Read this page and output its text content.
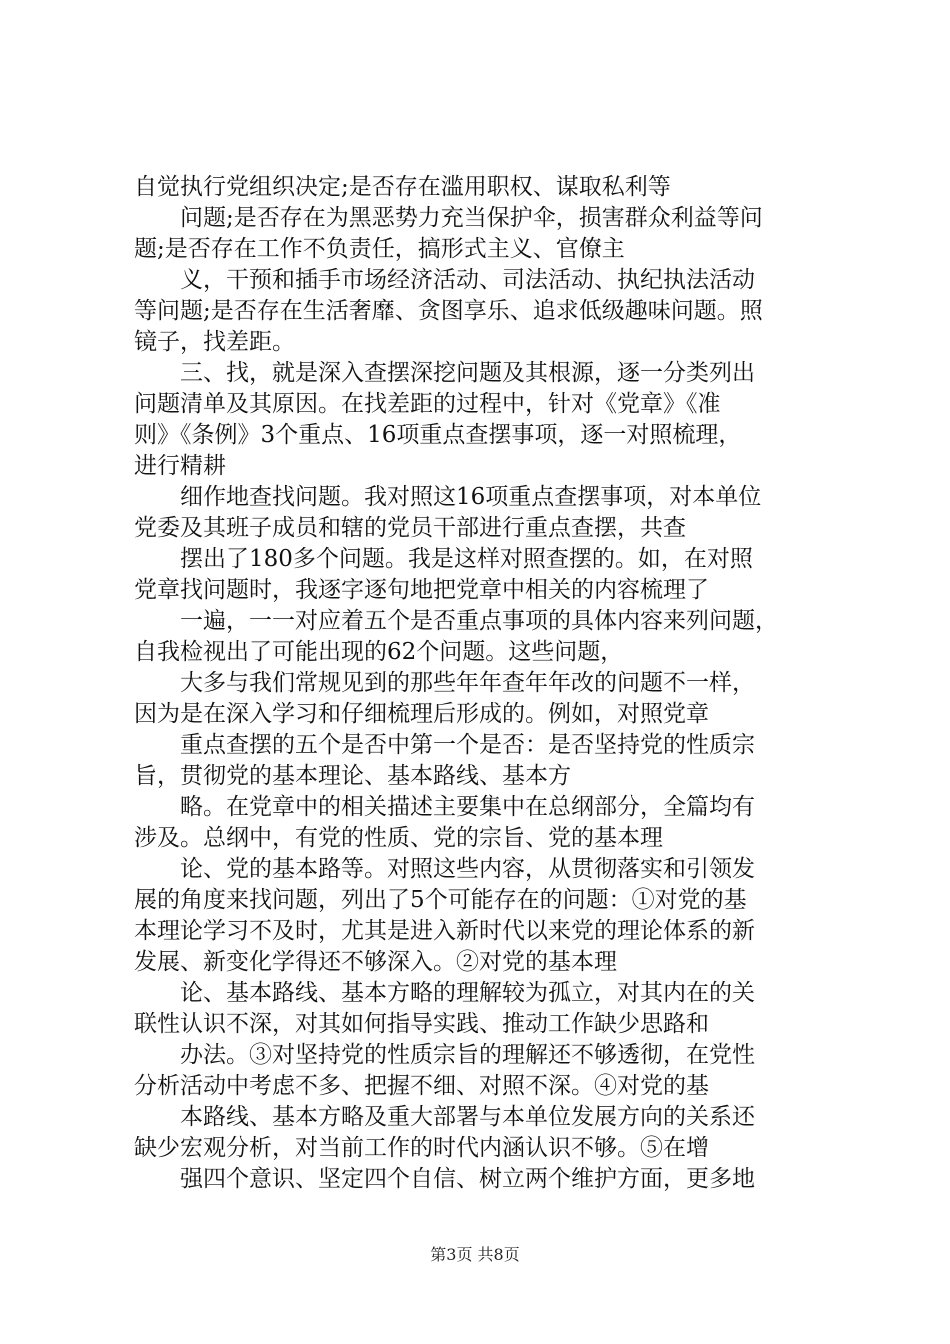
自觉执行党组织决定;是否存在滥用职权、谋取私利等
问题;是否存在为黑恶势力充当保护伞，损害群众利益等问
题;是否存在工作不负责任，搞形式主义、官僚主
义，干预和插手市场经济活动、司法活动、执纪执法活动
等问题;是否存在生活奢靡、贪图享乐、追求低级趣味问题。照
镜子，找差距。
三、找，就是深入查摆深挖问题及其根源，逐一分类列出
问题清单及其原因。在找差距的过程中，针对《党章》《准
则》《条例》3个重点、16项重点查摆事项，逐一对照梳理，
进行精耕
细作地查找问题。我对照这16项重点查摆事项，对本单位
党委及其班子成员和辖的党员干部进行重点查摆，共查
摆出了180多个问题。我是这样对照查摆的。如，在对照
党章找问题时，我逐字逐句地把党章中相关的内容梳理了
一遍，一一对应着五个是否重点事项的具体内容来列问题，
自我检视出了可能出现的62个问题。这些问题，
大多与我们常规见到的那些年年查年年改的问题不一样，
因为是在深入学习和仔细梳理后形成的。例如，对照党章
重点查摆的五个是否中第一个是否：是否坚持党的性质宗
旨，贯彻党的基本理论、基本路线、基本方
略。在党章中的相关描述主要集中在总纲部分，全篇均有
涉及。总纲中，有党的性质、党的宗旨、党的基本理
论、党的基本路等。对照这些内容，从贯彻落实和引领发
展的角度来找问题，列出了5个可能存在的问题：①对党的基
本理论学习不及时，尤其是进入新时代以来党的理论体系的新
发展、新变化学得还不够深入。②对党的基本理
论、基本路线、基本方略的理解较为孤立，对其内在的关
联性认识不深，对其如何指导实践、推动工作缺少思路和
办法。③对坚持党的性质宗旨的理解还不够透彻，在党性
分析活动中考虑不多、把握不细、对照不深。④对党的基
本路线、基本方略及重大部署与本单位发展方向的关系还
缺少宏观分析，对当前工作的时代内涵认识不够。⑤在增
强四个意识、坚定四个自信、树立两个维护方面，更多地
第3页 共8页
